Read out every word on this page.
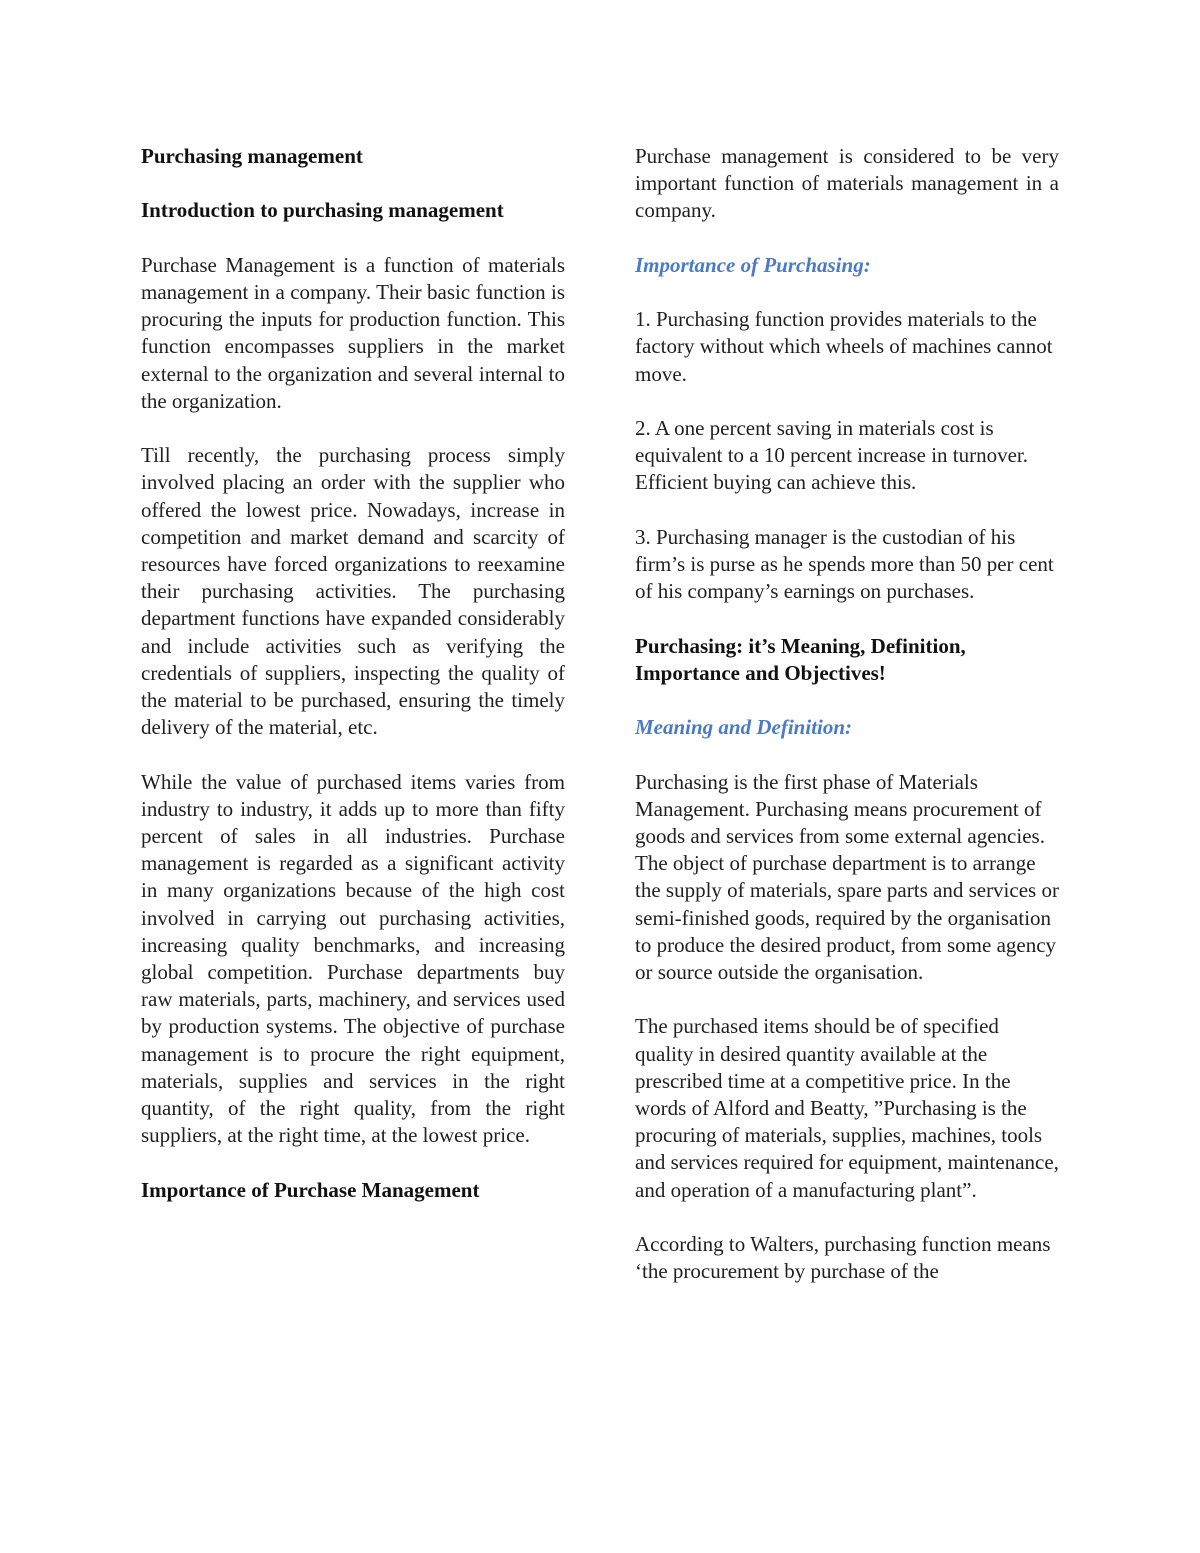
Purchasing management

Introduction to purchasing management

Purchase Management is a function of materials management in a company. Their basic function is procuring the inputs for production function. This function encompasses suppliers in the market external to the organization and several internal to the organization.

Till recently, the purchasing process simply involved placing an order with the supplier who offered the lowest price. Nowadays, increase in competition and market demand and scarcity of resources have forced organizations to reexamine their purchasing activities. The purchasing department functions have expanded considerably and include activities such as verifying the credentials of suppliers, inspecting the quality of the material to be purchased, ensuring the timely delivery of the material, etc.

While the value of purchased items varies from industry to industry, it adds up to more than fifty percent of sales in all industries. Purchase management is regarded as a significant activity in many organizations because of the high cost involved in carrying out purchasing activities, increasing quality benchmarks, and increasing global competition. Purchase departments buy raw materials, parts, machinery, and services used by production systems. The objective of purchase management is to procure the right equipment, materials, supplies and services in the right quantity, of the right quality, from the right suppliers, at the right time, at the lowest price.

Importance of Purchase Management

Purchase management is considered to be very important function of materials management in a company.

Importance of Purchasing:

1. Purchasing function provides materials to the factory without which wheels of machines cannot move.

2. A one percent saving in materials cost is equivalent to a 10 percent increase in turnover. Efficient buying can achieve this.

3. Purchasing manager is the custodian of his firm’s is purse as he spends more than 50 per cent of his company’s earnings on purchases.

Purchasing: it’s Meaning, Definition, Importance and Objectives!

Meaning and Definition:

Purchasing is the first phase of Materials Management. Purchasing means procurement of goods and services from some external agencies. The object of purchase department is to arrange the supply of materials, spare parts and services or semi-finished goods, required by the organisation to produce the desired product, from some agency or source outside the organisation.

The purchased items should be of specified quality in desired quantity available at the prescribed time at a competitive price. In the words of Alford and Beatty, ”Purchasing is the procuring of materials, supplies, machines, tools and services required for equipment, maintenance, and operation of a manufacturing plant”.

According to Walters, purchasing function means ‘the procurement by purchase of the
